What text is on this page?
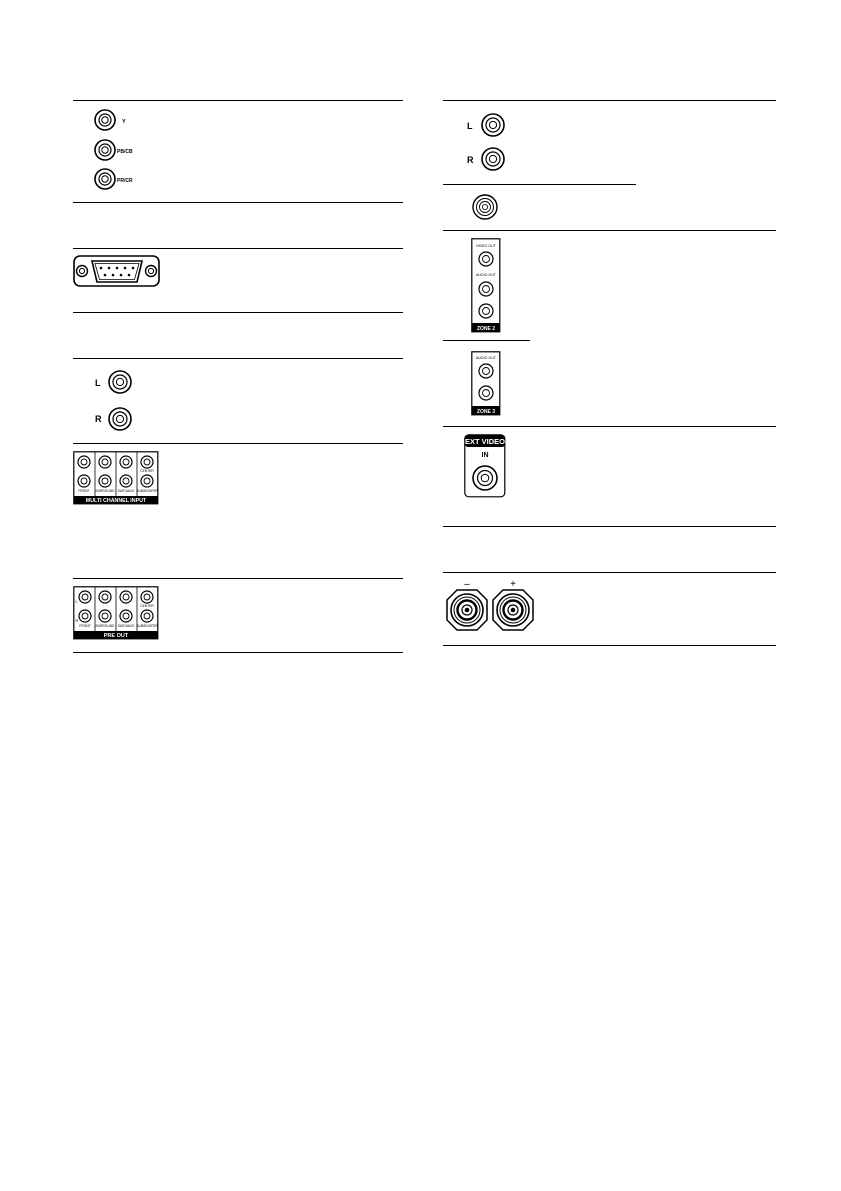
Y
PB/CB
PR/CR
L
R
FRONT SURROUND SUR.BACK
CENTER
SUBWOOFER
MULTI CHANNEL INPUT
L
R
FRONT SURROUND SUR.BACK
CENTER
SUBWOOFER
PRE OUT
L
R
VIDEO OUT
AUDIO OUT
ZONE 2
AUDIO OUT
ZONE 3
EXT VIDEO
IN
–	+
